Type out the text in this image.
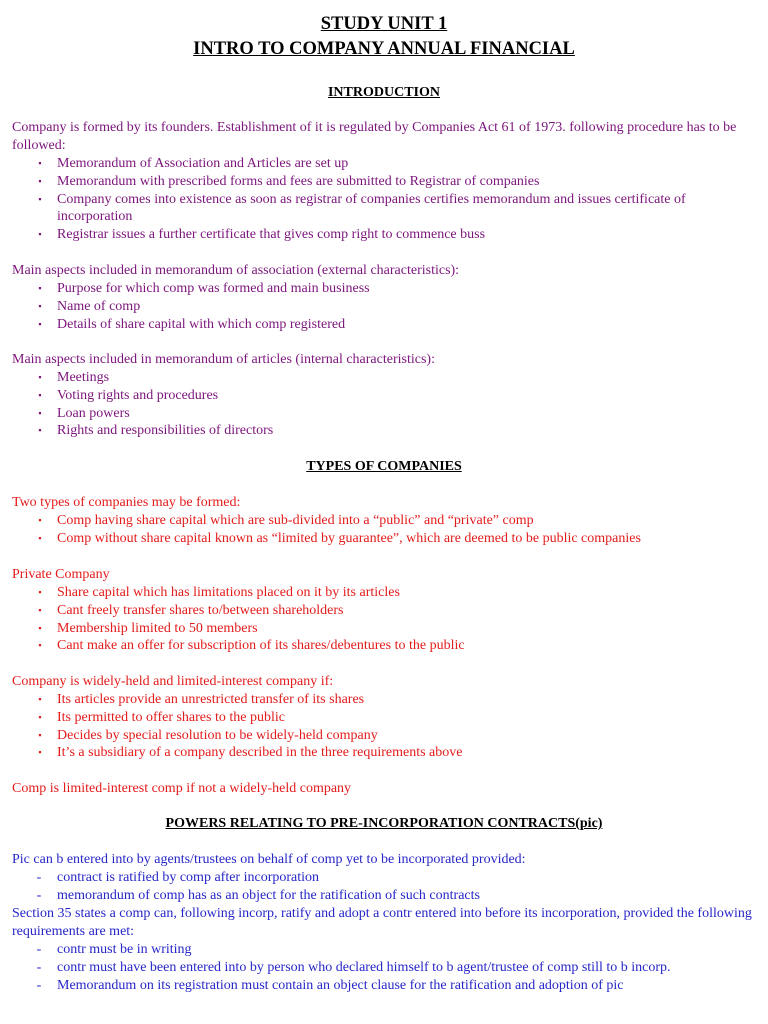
STUDY UNIT 1
INTRO TO COMPANY ANNUAL FINANCIAL
INTRODUCTION

Company is formed by its founders. Establishment of it is regulated by Companies Act 61 of 1973. following procedure has to be followed:

▪ Memorandum of Association and Articles are set up
▪ Memorandum with prescribed forms and fees are submitted to Registrar of companies
▪ Company comes into existence as soon as registrar of companies certifies memorandum and issues certificate of incorporation
▪ Registrar issues a further certificate that gives comp right to commence buss

Main aspects included in memorandum of association (external characteristics):

▪ Purpose for which comp was formed and main business
▪ Name of comp
▪ Details of share capital with which comp registered

Main aspects included in memorandum of articles (internal characteristics):

▪ Meetings
▪ Voting rights and procedures
▪ Loan powers
▪ Rights and responsibilities of directors
TYPES OF COMPANIES

Two types of companies may be formed:

▪ Comp having share capital which are sub-divided into a “public” and “private” comp
▪ Comp without share capital known as “limited by guarantee”, which are deemed to be public companies

Private Company

▪ Share capital which has limitations placed on it by its articles
▪ Cant freely transfer shares to/between shareholders
▪ Membership limited to 50 members
▪ Cant make an offer for subscription of its shares/debentures to the public

Company is widely-held and limited-interest company if:

▪ Its articles provide an unrestricted transfer of its shares
▪ Its permitted to offer shares to the public
▪ Decides by special resolution to be widely-held company
▪ It’s a subsidiary of a company described in the three requirements above

Comp is limited-interest comp if not a widely-held company

POWERS RELATING TO PRE-INCORPORATION CONTRACTS(pic)

Pic can b entered into by agents/trustees on behalf of comp yet to be incorporated provided:

- contract is ratified by comp after incorporation
- memorandum of comp has as an object for the ratification of such contracts

Section 35 states a comp can, following incorp, ratify and adopt a contr entered into before its incorporation, provided the following requirements are met:

- contr must be in writing
- contr must have been entered into by person who declared himself to b agent/trustee of comp still to b incorp.
- Memorandum on its registration must contain an object clause for the ratification and adoption of pic
